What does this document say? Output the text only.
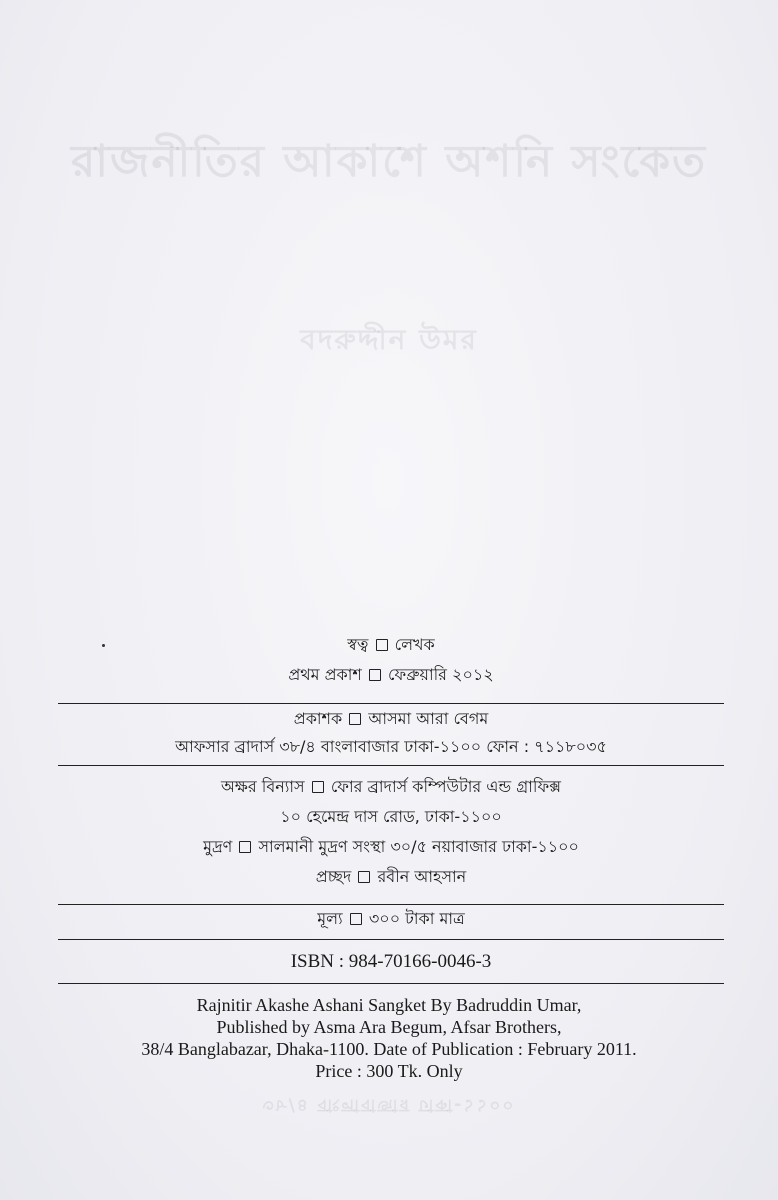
রাজনীতির আকাশে অশনি সংকেত
বদরুদ্দীন উমর
৩৮/৪ বাংলাবাজার ঢাকা-১১০০
স্বত্ব লেখক
প্রথম প্রকাশ ফেব্রুয়ারি ২০১২
প্রকাশক আসমা আরা বেগম
আফসার ব্রাদার্স ৩৮/৪ বাংলাবাজার ঢাকা-১১০০ ফোন : ৭১১৮০৩৫
অক্ষর বিন্যাস ফোর ব্রাদার্স কম্পিউটার এন্ড গ্রাফিক্স
১০ হেমেন্দ্র দাস রোড, ঢাকা-১১০০
মুদ্রণ সালমানী মুদ্রণ সংস্থা ৩০/৫ নয়াবাজার ঢাকা-১১০০
প্রচ্ছদ রবীন আহসান
মূল্য ৩০০ টাকা মাত্র
ISBN : 984-70166-0046-3
Rajnitir Akashe Ashani Sangket By Badruddin Umar,
Published by Asma Ara Begum, Afsar Brothers,
38/4 Banglabazar, Dhaka-1100. Date of Publication : February 2011.
Price : 300 Tk. Only
